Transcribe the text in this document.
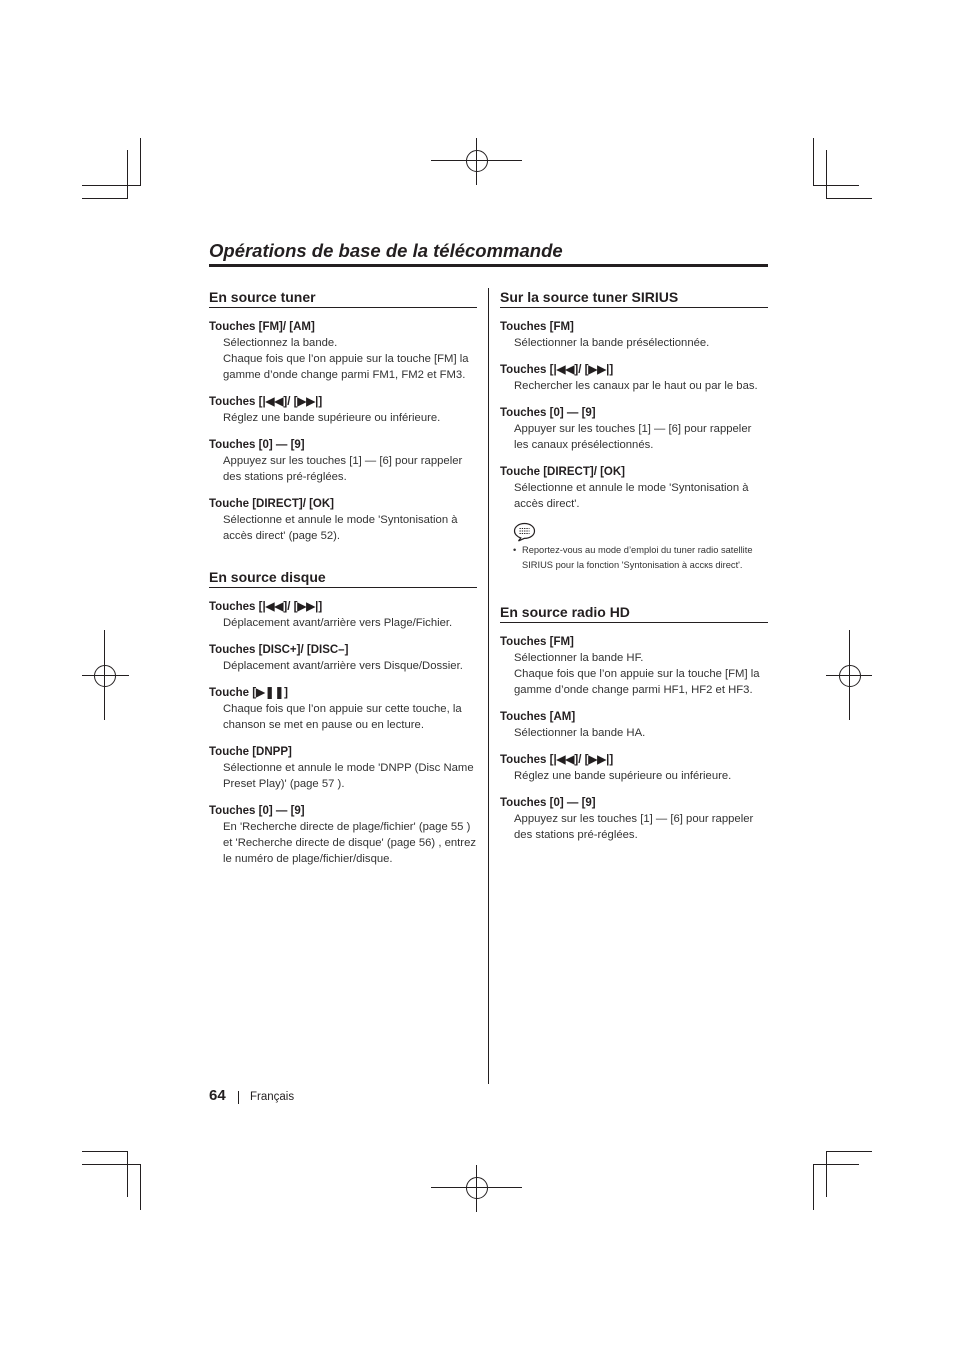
Opérations de base de la télécommande
En source tuner
Touches [FM]/ [AM]

Sélectionnez la bande.

Chaque fois que l’on appuie sur la touche [FM] la gamme d’onde change parmi FM1, FM2 et FM3.

Touches [|◀◀]/ [▶▶|]

Réglez une bande supérieure ou inférieure.

Touches [0] — [9]

Appuyez sur les touches [1] — [6] pour rappeler des stations pré-réglées.

Touche [DIRECT]/ [OK]

Sélectionne et annule le mode 'Syntonisation à accès direct' (page 52).

En source disque
Touches [|◀◀]/ [▶▶|]

Déplacement avant/arrière vers Plage/Fichier.

Touches [DISC+]/ [DISC–]

Déplacement avant/arrière vers Disque/Dossier.

Touche [▶❚❚]

Chaque fois que l’on appuie sur cette touche, la chanson se met en pause ou en lecture.

Touche [DNPP]

Sélectionne et annule le mode 'DNPP (Disc Name Preset Play)' (page 57 ).

Touches [0] — [9]

En 'Recherche directe de plage/fichier' (page 55 ) et 'Recherche directe de disque' (page 56) , entrez le numéro de plage/fichier/disque.

Sur la source tuner SIRIUS
Touches [FM]

Sélectionner la bande présélectionnée.

Touches [|◀◀]/ [▶▶|]

Rechercher les canaux par le haut ou par le bas.

Touches [0] — [9]

Appuyer sur les touches [1] — [6] pour rappeler les canaux présélectionnés.

Touche [DIRECT]/ [OK]

Sélectionne et annule le mode 'Syntonisation à accès direct'.

• Reportez-vous au mode d’emploi du tuner radio satellite SIRIUS pour la fonction 'Syntonisation à accкs direct'.
En source radio HD
Touches [FM]

Sélectionner la bande HF.

Chaque fois que l’on appuie sur la touche [FM] la gamme d’onde change parmi HF1, HF2 et HF3.

Touches [AM]

Sélectionner la bande HA.

Touches [|◀◀]/ [▶▶|]

Réglez une bande supérieure ou inférieure.

Touches [0] — [9]

Appuyez sur les touches [1] — [6] pour rappeler des stations pré-réglées.

64 Français
